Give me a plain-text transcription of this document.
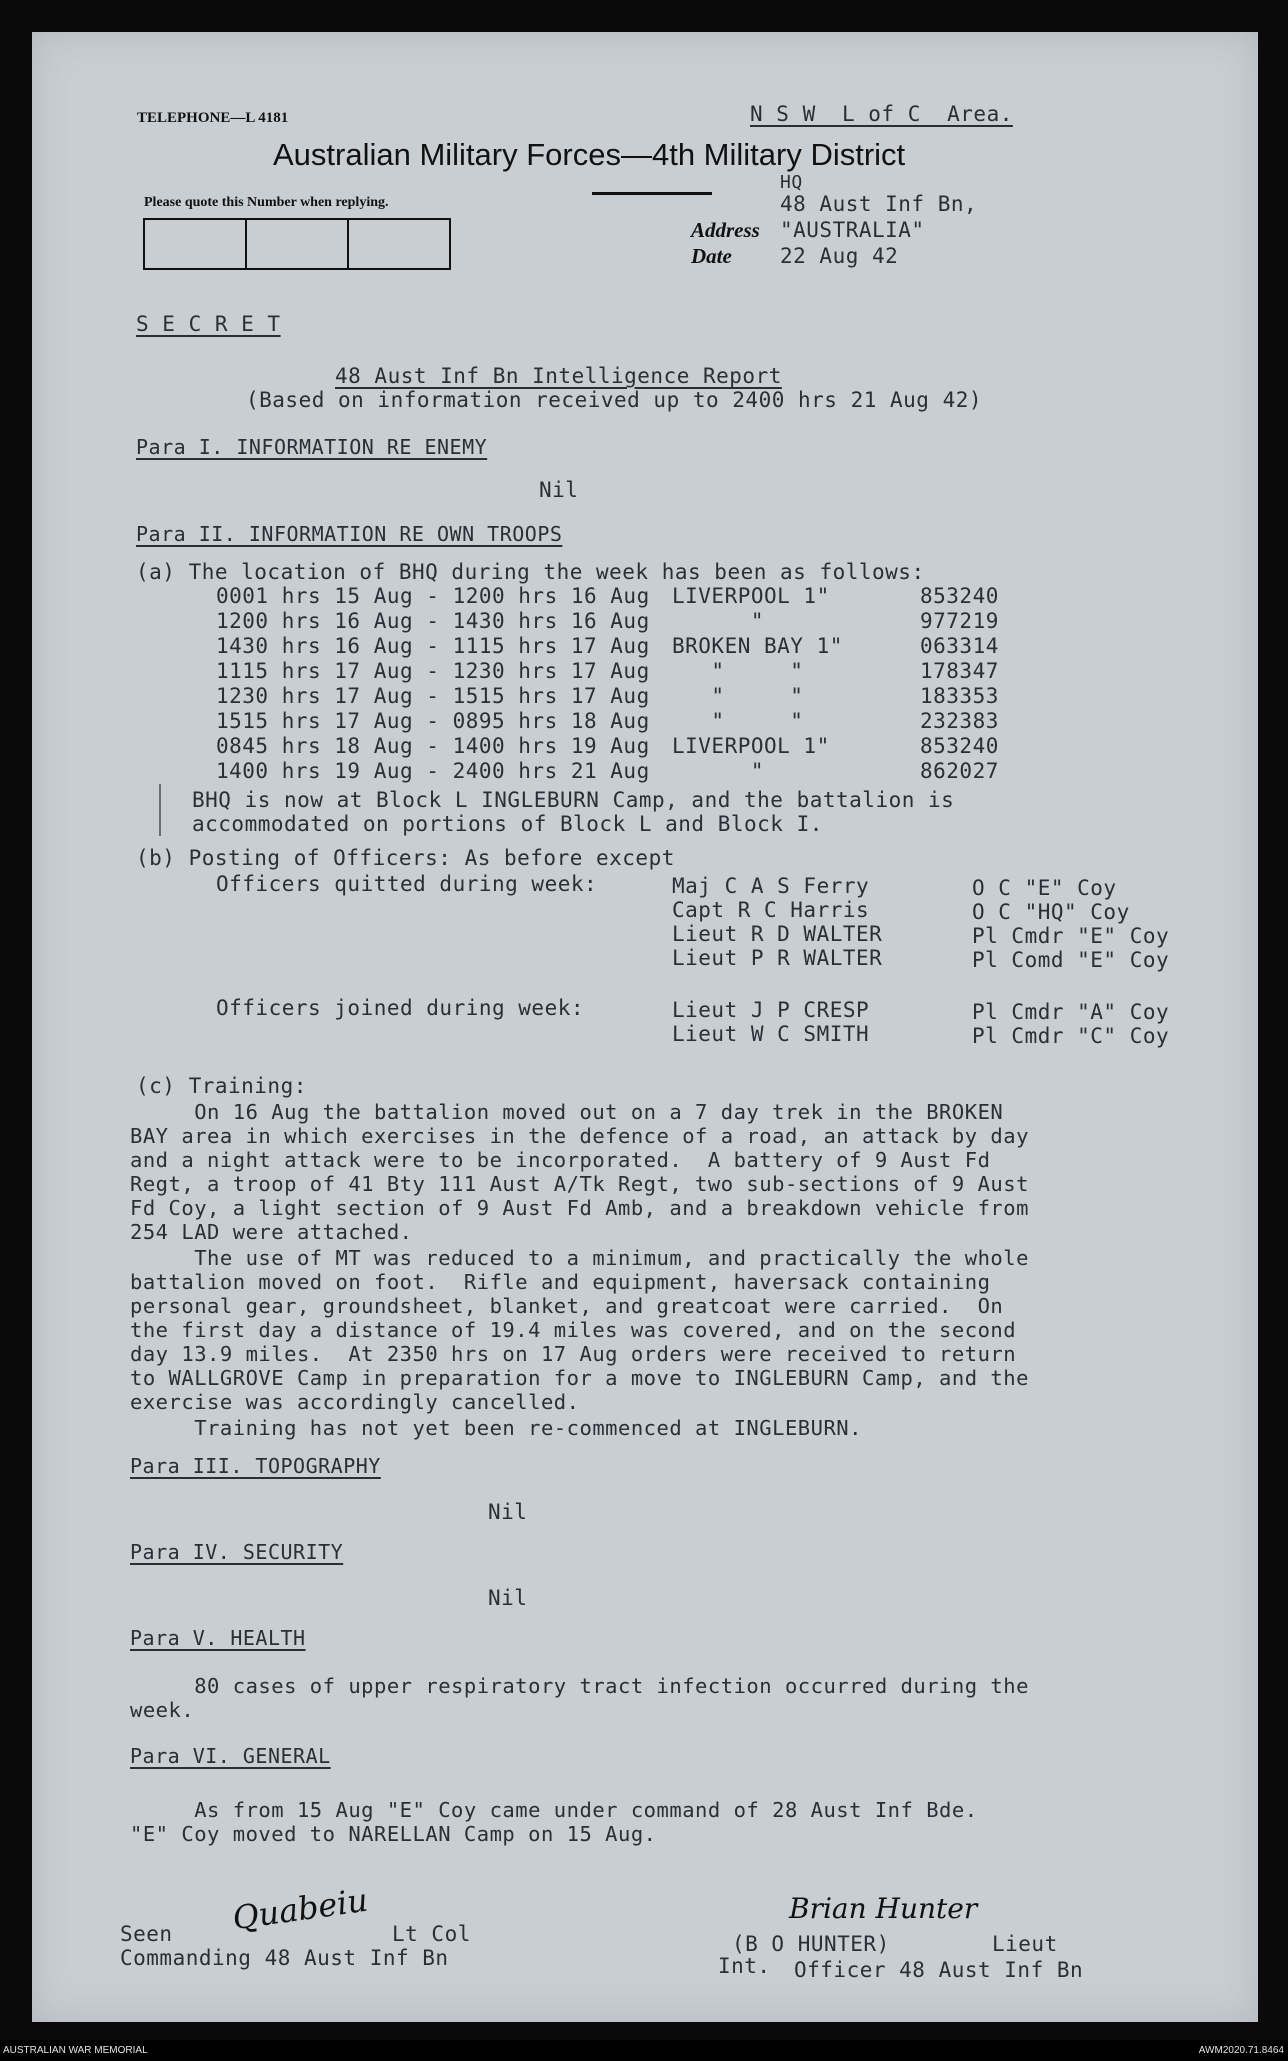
TELEPHONE—L 4181
Australian Military Forces—4th Military District
Please quote this Number when replying.
N S W  L of C  Area.
HQ
Address
48 Aust Inf Bn,
"AUSTRALIA"
Date 22 Aug 42
S E C R E T
48 Aust Inf Bn Intelligence Report
(Based on information received up to 2400 hrs 21 Aug 42)
Para I. INFORMATION RE ENEMY
Nil
Para II. INFORMATION RE OWN TROOPS
(a) The location of BHQ during the week has been as follows:
0001 hrs 15 Aug - 1200 hrs 16 Aug LIVERPOOL 1"	853240
1200 hrs 16 Aug - 1430 hrs 16 Aug "	977219
1430 hrs 16 Aug - 1115 hrs 17 Aug BROKEN BAY 1"	063314
1115 hrs 17 Aug - 1230 hrs 17 Aug "     "	178347
1230 hrs 17 Aug - 1515 hrs 17 Aug "     "	183353
1515 hrs 17 Aug - 0895 hrs 18 Aug "     "	232383
0845 hrs 18 Aug - 1400 hrs 19 Aug LIVERPOOL 1"	853240
1400 hrs 19 Aug - 2400 hrs 21 Aug "	862027
BHQ is now at Block L INGLEBURN Camp, and the battalion is
accommodated on portions of Block L and Block I.
(b) Posting of Officers: As before except
Officers quitted during week:	Maj C A S Ferry	O C "E" Coy
Capt R C Harris	O C "HQ" Coy
Lieut R D WALTER	Pl Cmdr "E" Coy
Lieut P R WALTER	Pl Comd "E" Coy
Officers joined during week:	Lieut J P CRESP	Pl Cmdr "A" Coy
Lieut W C SMITH	Pl Cmdr "C" Coy
(c) Training:
On 16 Aug the battalion moved out on a 7 day trek in the BROKEN
BAY area in which exercises in the defence of a road, an attack by day
and a night attack were to be incorporated.  A battery of 9 Aust Fd
Regt, a troop of 41 Bty 111 Aust A/Tk Regt, two sub-sections of 9 Aust
Fd Coy, a light section of 9 Aust Fd Amb, and a breakdown vehicle from
254 LAD were attached.
The use of MT was reduced to a minimum, and practically the whole
battalion moved on foot.  Rifle and equipment, haversack containing
personal gear, groundsheet, blanket, and greatcoat were carried.  On
the first day a distance of 19.4 miles was covered, and on the second
day 13.9 miles.  At 2350 hrs on 17 Aug orders were received to return
to WALLGROVE Camp in preparation for a move to INGLEBURN Camp, and the
exercise was accordingly cancelled.
Training has not yet been re-commenced at INGLEBURN.
Para III. TOPOGRAPHY
Nil
Para IV. SECURITY
Nil
Para V. HEALTH
80 cases of upper respiratory tract infection occurred during the
week.
Para VI. GENERAL
As from 15 Aug "E" Coy came under command of 28 Aust Inf Bde.
"E" Coy moved to NARELLAN Camp on 15 Aug.
Quabeiu
Seen	Lt Col
Commanding 48 Aust Inf Bn
Brian Hunter
(B O HUNTER)	Lieut
Int. Officer 48 Aust Inf Bn
AUSTRALIAN WAR MEMORIAL	AWM2020.71.8464
